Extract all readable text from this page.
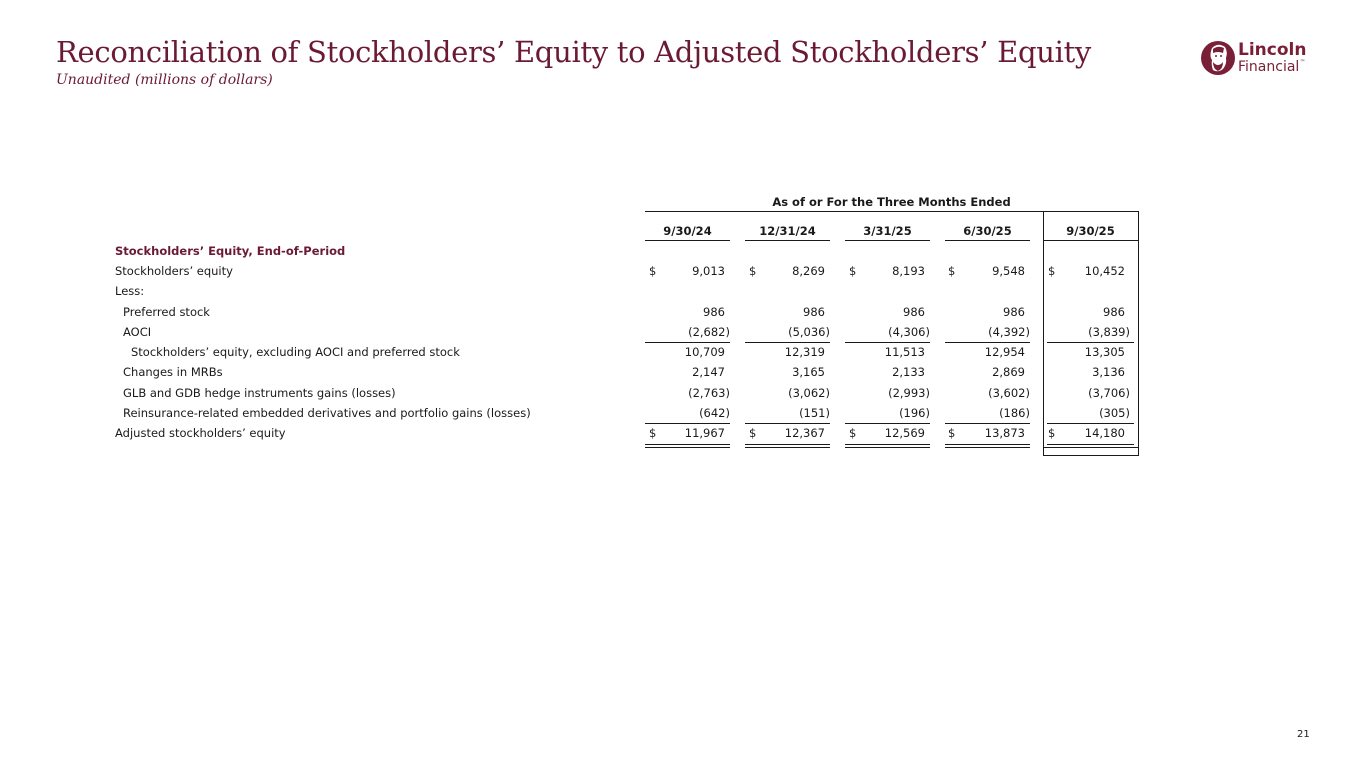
Reconciliation of Stockholders’ Equity to Adjusted Stockholders’ Equity
Unaudited (millions of dollars)
Lincoln
Financial™
As of or For the Three Months Ended
9/30/24	12/31/24	3/31/25	6/30/25	9/30/25
Stockholders’ Equity, End-of-Period
Stockholders’ equity	$	9,013 $	8,269 $	8,193 $	9,548 $	10,452
Less:
Preferred stock	986	986	986	986	986
AOCI	(2,682)	(5,036)	(4,306)	(4,392)	(3,839)
Stockholders’ equity, excluding AOCI and preferred stock	10,709	12,319	11,513	12,954	13,305
Changes in MRBs	2,147	3,165	2,133	2,869	3,136
GLB and GDB hedge instruments gains (losses)	(2,763)	(3,062)	(2,993)	(3,602)	(3,706)
Reinsurance-related embedded derivatives and portfolio gains (losses)	(642)	(151)	(196)	(186)	(305)
Adjusted stockholders’ equity	$	11,967 $	12,367 $	12,569 $	13,873 $	14,180
21
